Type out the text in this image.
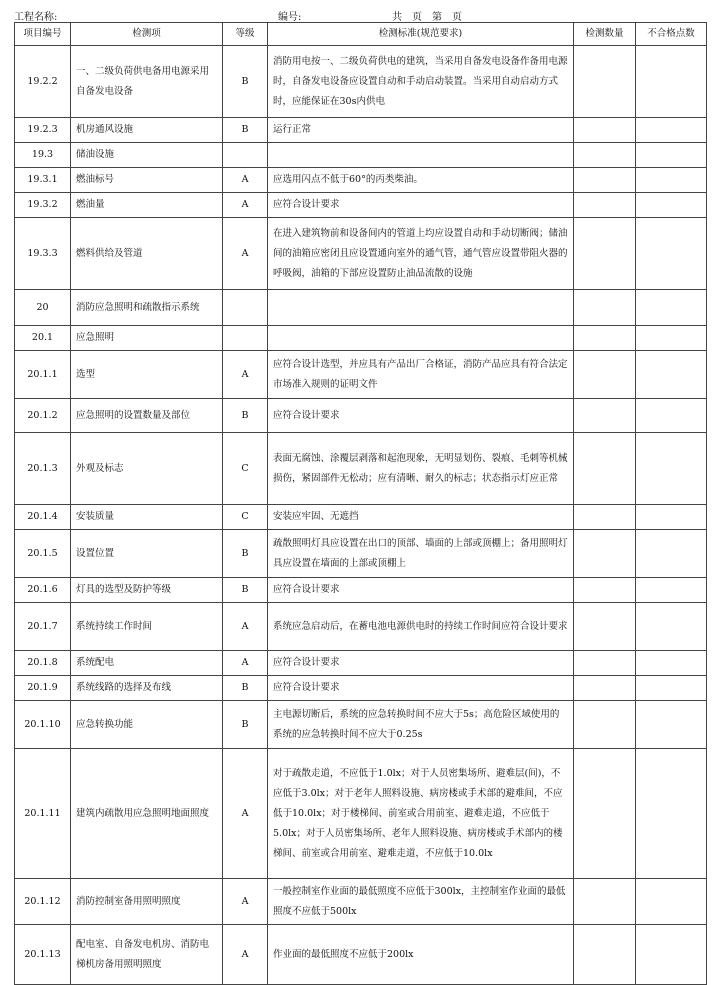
工程名称:	编号:	共　页　第　页
项目编号	检测项	等级	检测标准(规范要求)	检测数量	不合格点数
19.2.2	一、二级负荷供电备用电源采用自备发电设备	B	消防用电按一、二级负荷供电的建筑，当采用自备发电设备作备用电源时，自备发电设备应设置自动和手动启动装置。当采用自动启动方式时，应能保证在30s内供电		
19.2.3	机房通风设施	B	运行正常		
19.3	储油设施				
19.3.1	燃油标号	A	应选用闪点不低于60°的丙类柴油。		
19.3.2	燃油量	A	应符合设计要求		
19.3.3	燃料供给及管道	A	在进入建筑物前和设备间内的管道上均应设置自动和手动切断阀；储油间的油箱应密闭且应设置通向室外的通气管，通气管应设置带阻火器的呼吸阀，油箱的下部应设置防止油品流散的设施		
20	消防应急照明和疏散指示系统				
20.1	应急照明				
20.1.1	选型	A	应符合设计选型，并应具有产品出厂合格证，消防产品应具有符合法定市场准入规则的证明文件		
20.1.2	应急照明的设置数量及部位	B	应符合设计要求		
20.1.3	外观及标志	C	表面无腐蚀、涂覆层剥落和起泡现象，无明显划伤、裂痕、毛刺等机械损伤，紧固部件无松动；应有清晰、耐久的标志；状态指示灯应正常		
20.1.4	安装质量	C	安装应牢固、无遮挡		
20.1.5	设置位置	B	疏散照明灯具应设置在出口的顶部、墙面的上部或顶棚上；备用照明灯具应设置在墙面的上部或顶棚上		
20.1.6	灯具的选型及防护等级	B	应符合设计要求		
20.1.7	系统持续工作时间	A	系统应急启动后，在蓄电池电源供电时的持续工作时间应符合设计要求		
20.1.8	系统配电	A	应符合设计要求		
20.1.9	系统线路的选择及布线	B	应符合设计要求		
20.1.10	应急转换功能	B	主电源切断后，系统的应急转换时间不应大于5s；高危险区域使用的系统的应急转换时间不应大于0.25s		
20.1.11	建筑内疏散用应急照明地面照度	A	对于疏散走道，不应低于1.0lx；对于人员密集场所、避难层(间)，不应低于3.0lx；对于老年人照料设施、病房楼或手术部的避难间，不应低于10.0lx；对于楼梯间、前室或合用前室、避难走道，不应低于5.0lx；对于人员密集场所、老年人照料设施、病房楼或手术部内的楼梯间、前室或合用前室、避难走道，不应低于10.0lx		
20.1.12	消防控制室备用照明照度	A	一般控制室作业面的最低照度不应低于300lx，主控制室作业面的最低照度不应低于500lx		
20.1.13	配电室、自备发电机房、消防电梯机房备用照明照度	A	作业面的最低照度不应低于200lx		
